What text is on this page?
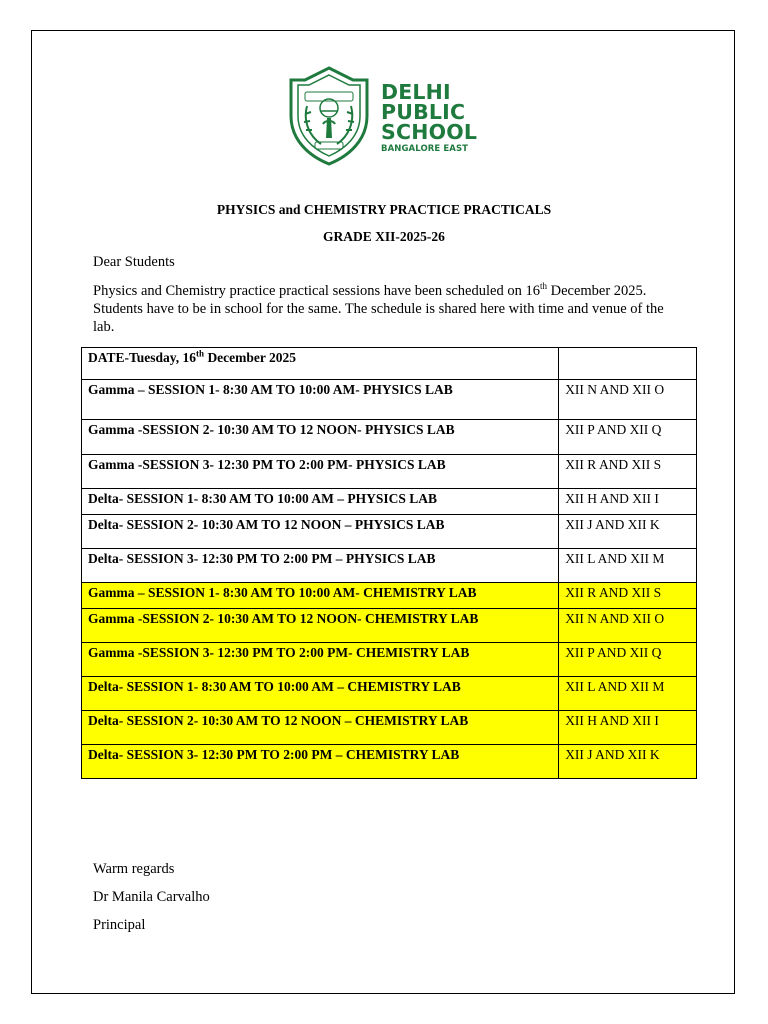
DELHI
PUBLIC
SCHOOL
BANGALORE EAST
PHYSICS and CHEMISTRY PRACTICE PRACTICALS
GRADE XII-2025-26
Dear Students

Physics and Chemistry practice practical sessions have been scheduled on 16th December 2025. Students have to be in school for the same. The schedule is shared here with time and venue of the lab.

DATE-Tuesday, 16th December 2025	
Gamma – SESSION 1- 8:30 AM TO 10:00 AM- PHYSICS LAB	XII N AND XII O
Gamma -SESSION 2- 10:30 AM TO 12 NOON- PHYSICS LAB	XII P AND XII Q
Gamma -SESSION 3- 12:30 PM TO 2:00 PM- PHYSICS LAB	XII R AND XII S
Delta- SESSION 1- 8:30 AM TO 10:00 AM – PHYSICS LAB	XII H AND XII I
Delta- SESSION 2- 10:30 AM TO 12 NOON – PHYSICS LAB	XII J AND XII K
Delta- SESSION 3- 12:30 PM TO 2:00 PM – PHYSICS LAB	XII L AND XII M
Gamma – SESSION 1- 8:30 AM TO 10:00 AM- CHEMISTRY LAB	XII R AND XII S
Gamma -SESSION 2- 10:30 AM TO 12 NOON- CHEMISTRY LAB	XII N AND XII O
Gamma -SESSION 3- 12:30 PM TO 2:00 PM- CHEMISTRY LAB	XII P AND XII Q
Delta- SESSION 1- 8:30 AM TO 10:00 AM – CHEMISTRY LAB	XII L AND XII M
Delta- SESSION 2- 10:30 AM TO 12 NOON – CHEMISTRY LAB	XII H AND XII I
Delta- SESSION 3- 12:30 PM TO 2:00 PM – CHEMISTRY LAB	XII J AND XII K
Warm regards
Dr Manila Carvalho
Principal
